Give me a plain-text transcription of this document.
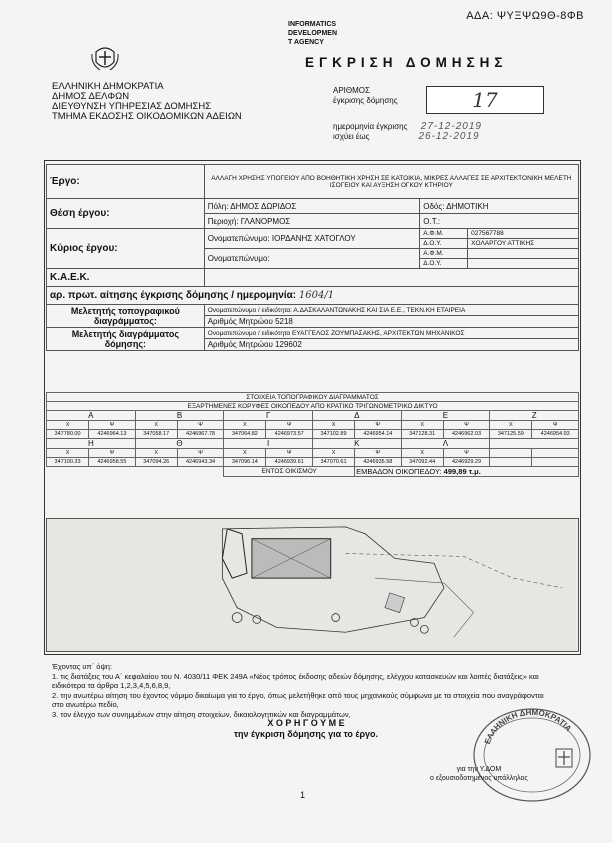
ΑΔΑ: ΨΥΞΨΩ9Θ-8ΦΒ
INFORMATICS
DEVELOPMEN
T AGENCY
ΕΛΛΗΝΙΚΗ ΔΗΜΟΚΡΑΤΙΑ
ΔΗΜΟΣ ΔΕΛΦΩΝ
ΔΙΕΥΘΥΝΣΗ ΥΠΗΡΕΣΙΑΣ ΔΟΜΗΣΗΣ
ΤΜΗΜΑ ΕΚΔΟΣΗΣ ΟΙΚΟΔΟΜΙΚΩΝ ΑΔΕΙΩΝ
ΕΓΚΡΙΣΗ ΔΟΜΗΣΗΣ
ΑΡΙΘΜΟΣ
έγκρισης δόμησης	17
ημερομηνία έγκρισης 27-12-2019
ισχύει έως	26-12-2019
Έργο:	ΑΛΛΑΓΗ ΧΡΗΣΗΣ ΥΠΟΓΕΙΟΥ ΑΠΟ ΒΟΗΘΗΤΙΚΗ ΧΡΗΣΗ ΣΕ ΚΑΤΟΙΚΙΑ, ΜΙΚΡΕΣ ΑΛΛΑΓΕΣ ΣΕ ΑΡΧΙΤΕΚΤΟΝΙΚΗ ΜΕΛΕΤΗ ΙΣΟΓΕΙΟΥ ΚΑΙ ΑΥΞΗΣΗ ΟΓΚΟΥ ΚΤΗΡΙΟΥ		
Θέση έργου:	Πόλη: ΔΗΜΟΣ ΔΩΡΙΔΟΣ	Οδός: ΔΗΜΟΤΙΚΗ	
	Περιοχή: ΓΛΑΝΟΡΜΟΣ	Ο.Τ.:	
Κύριος έργου:	Ονοματεπώνυμο: ΙΟΡΔΑΝΗΣ ΧΑΤΟΓΛΟΥ	Α.Φ.Μ.	027567788
		Δ.Ο.Υ.	ΧΟΛΑΡΓΟΥ ΑΤΤΙΚΗΣ
	Ονοματεπώνυμο:	Α.Φ.Μ.	
		Δ.Ο.Υ.	
Κ.Α.Ε.Κ.			
αρ. πρωτ. αίτησης έγκρισης δόμησης / ημερομηνία: 1604/1			
Μελετητής τοπογραφικού διαγράμματος:	Ονοματεπώνυμο / ειδικότητα: Α.ΔΑΣΚΑΛΑΝΤΩΝΑΚΗΣ ΚΑΙ ΣΙΑ Ε.Ε., ΤΕΚΝ.ΚΗ ΕΤΑΙΡΕΙΑ		
	Αριθμός Μητρώου 5218		
Μελετητής διαγράμματος δόμησης:	Ονοματεπώνυμο / ειδικότητα ΕΥΑΓΓΕΛΟΣ ΖΟΥΜΠΑΣΑΚΗΣ, ΑΡΧΙΤΕΚΤΩΝ ΜΗΧΑΝΙΚΟΣ		
	Αριθμός Μητρώου 129602		
ΣΤΟΙΧΕΙΑ ΤΟΠΟΓΡΑΦΙΚΟΥ ΔΙΑΓΡΑΜΜΑΤΟΣ											
ΕΞΑΡΤΗΜΕΝΕΣ ΚΟΡΥΦΕΣ ΟΙΚΟΠΕΔΟΥ ΑΠΟ ΚΡΑΤΙΚΟ ΤΡΙΓΩΝΟΜΕΤΡΙΚΟ ΔΙΚΤΥΟ											
Α		Β		Γ		Δ		Ε		Ζ	
Χ	Ψ	Χ	Ψ	Χ	Ψ	Χ	Ψ	Χ	Ψ	Χ	Ψ
347780.00	4246964.13	347058.17	4246967.78	347064.82	4246973.57	347102.89	4246954.14	347128.31	4246962.03	347125.59	4246954.93
Η		Θ		Ι		Κ		Λ			
Χ	Ψ	Χ	Ψ	Χ	Ψ	Χ	Ψ	Χ	Ψ		
347100.33	4246958.55	347094.26	4246943.34	347096.14	4246939.61	347070.61	4246935.58	347092.44	4246929.29		
				ΕΝΤΟΣ ΟΙΚΙΣΜΟΥ			ΕΜΒΑΔΟΝ ΟΙΚΟΠΕΔΟΥ: 499,89 τ.μ.				
Έχοντας υπ΄ όψη:
1. τις διατάξεις του Α΄ κεφαλαίου του Ν. 4030/11 ΦΕΚ 249Α «Νέος τρόπος έκδοσης αδειών δόμησης, ελέγχου κατασκευών και λοιπές διατάξεις» και ειδικότερα τα άρθρα 1,2,3,4,5,6,8,9,
2. την ανωτέρω αίτηση του έχοντος νόμιμο δικαίωμα για το έργο, όπως μελετήθηκε από τους μηχανικούς σύμφωνα με τα στοιχεία που αναγράφονται στο ανωτέρω πεδίο,
3. τον έλεγχο των συνημμένων στην αίτηση στοιχείων, δικαιολογητικών και διαγραμμάτων,
Χ Ο Ρ Η Γ Ο Υ Μ Ε
την έγκριση δόμησης για το έργο.
ΕΛΛΗΝΙΚΗ ΔΗΜΟΚΡΑΤΙΑ
για την Υ.ΔΟΜ
ο εξουσιοδοτημένος υπάλληλος
1
